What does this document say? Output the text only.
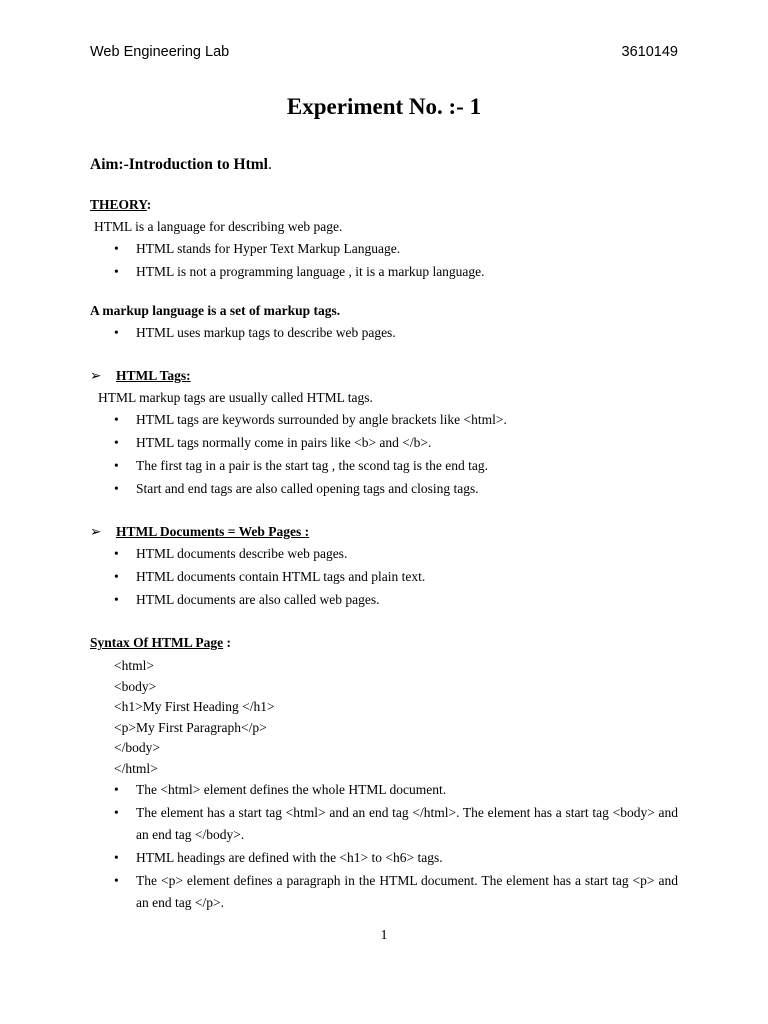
Web Engineering Lab	3610149
Experiment No. :- 1

Aim:-Introduction to Html.

THEORY:

HTML is a language for describing web page.

• HTML stands for Hyper Text Markup Language.
• HTML is not a programming language , it is a markup language.

A markup language is a set of markup tags.

• HTML uses markup tags to describe web pages.

➢ HTML Tags:

HTML markup tags are usually called HTML tags.

• HTML tags are keywords surrounded by angle brackets like <html>.
• HTML tags normally come in pairs like <b> and </b>.
• The first tag in a pair is the start tag , the scond tag is the end tag.
• Start and end tags are also called opening tags and closing tags.

➢ HTML Documents = Web Pages :

• HTML documents describe web pages.
• HTML documents contain HTML tags and plain text.
• HTML documents are also called web pages.

Syntax Of HTML Page :

<html>
<body>
<h1>My First Heading </h1>
<p>My First Paragraph</p>
</body>
</html>
• The <html> element defines the whole HTML document.
• The element has a start tag <html> and an end tag </html>. The element has a start tag <body> and an end tag </body>.
• HTML headings are defined with the <h1> to <h6> tags.
• The <p> element defines a paragraph in the HTML document. The element has a start tag <p> and an end tag </p>.
1
